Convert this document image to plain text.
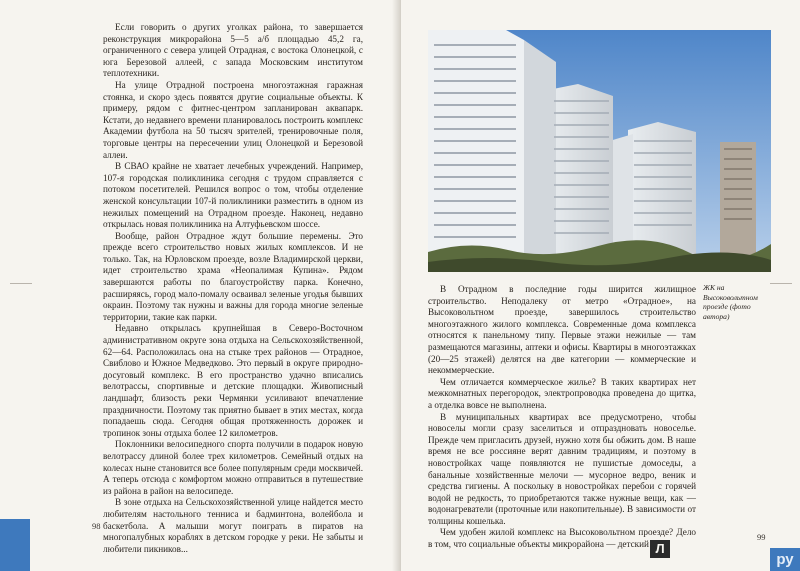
Если говорить о других уголках района, то завершается реконструкция микрорайона 5—5 а/б площадью 45,2 га, ограниченного с севера улицей Отрадная, с востока Олонецкой, с юга Березовой аллеей, с запада Московским институтом теплотехники.

На улице Отрадной построена многоэтажная гаражная стоянка, и скоро здесь появятся другие социальные объекты. К примеру, рядом с фитнес-центром запланирован аквапарк. Кстати, до недавнего времени планировалось построить комплекс Академии футбола на 50 тысяч зрителей, тренировочные поля, торговые центры на пересечении улиц Олонецкой и Березовой аллеи.

В СВАО крайне не хватает лечебных учреждений. Например, 107-я городская поликлиника сегодня с трудом справляется с потоком посетителей. Решился вопрос о том, чтобы отделение женской консультации 107-й поликлиники разместить в одном из нежилых помещений на Отрадном проезде. Наконец, недавно открылась новая поликлиника на Алтуфьевском шоссе.

Вообще, район Отрадное ждут большие перемены. Это прежде всего строительство новых жилых комплексов. И не только. Так, на Юрловском проезде, возле Владимирской церкви, идет строительство храма «Неопалимая Купина». Рядом завершаются работы по благоустройству парка. Конечно, расширяясь, город мало-помалу осваивал зеленые угодья бывших окраин. Поэтому так нужны и важны для города многие зеленые территории, такие как парки.

Недавно открылась крупнейшая в Северо-Восточном административном округе зона отдыха на Сельскохозяйственной, 62—64. Расположилась она на стыке трех районов — Отрадное, Свиблово и Южное Медведково. Это первый в округе природно-досуговый комплекс. В его пространство удачно вписались велотрассы, спортивные и детские площадки. Живописный ландшафт, близость реки Чермянки усиливают впечатление праздничности. Поэтому так приятно бывает в этих местах, когда попадаешь сюда. Сегодня общая протяженность дорожек и тропинок зоны отдыха более 12 километров.

Поклонники велосипедного спорта получили в подарок новую велотрассу длиной более трех километров. Семейный отдых на колесах ныне становится все более популярным среди москвичей. А теперь отсюда с комфортом можно отправиться в путешествие из района в район на велосипеде.

В зоне отдыха на Сельскохозяйственной улице найдется место любителям настольного тенниса и бадминтона, волейбола и баскетбола. А малыши могут поиграть в пиратов на многопалубных кораблях в детском городке у реки. Не забыты и любители пикников...

98
ЖК на Высоковольтном проезде (фото автора)

В Отрадном в последние годы ширится жилищное строительство. Неподалеку от метро «Отрадное», на Высоковольтном проезде, завершилось строительство многоэтажного жилого комплекса. Современные дома комплекса относятся к панельному типу. Первые этажи нежилые — там размещаются магазины, аптеки и офисы. Квартиры в многоэтажках (20—25 этажей) делятся на две категории — коммерческие и некоммерческие.

Чем отличается коммерческое жилье? В таких квартирах нет межкомнатных перегородок, электропроводка проведена до щитка, а отделка вовсе не выполнена.

В муниципальных квартирах все предусмотрено, чтобы новоселы могли сразу заселиться и отпраздновать новоселье. Прежде чем пригласить друзей, нужно хотя бы обжить дом. В наше время не все россияне верят давним традициям, и поэтому в новостройках чаще появляются не пушистые домоседы, а банальные хозяйственные мелочи — мусорное ведро, веник и средства гигиены. А поскольку в новостройках перебои с горячей водой не редкость, то приобретаются также нужные вещи, как — водонагреватели (проточные или накопительные). В зависимости от толщины кошелька.

Чем удобен жилой комплекс на Высоковольтном проезде? Дело в том, что социальные объекты микрорайона — детский

99
Л
ру
